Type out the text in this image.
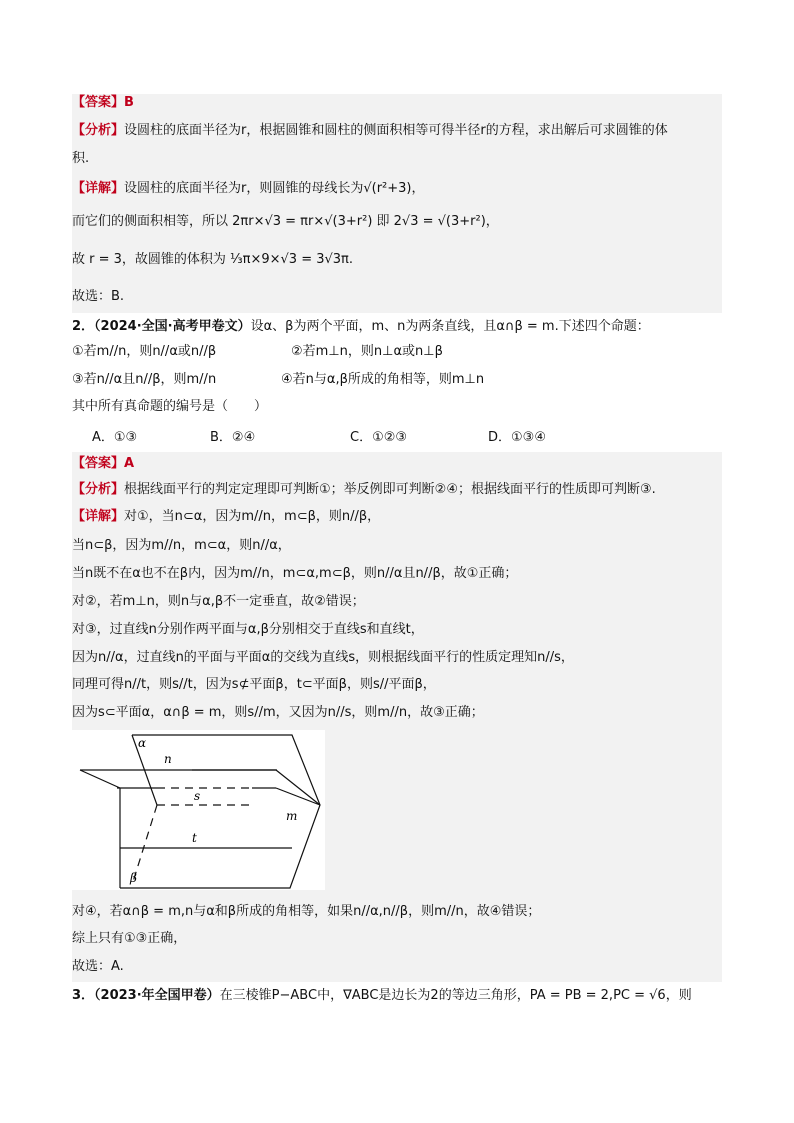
【答案】B
【分析】设圆柱的底面半径为r，根据圆锥和圆柱的侧面积相等可得半径r的方程，求出解后可求圆锥的体
积.
【详解】设圆柱的底面半径为r，则圆锥的母线长为√(r²+3)，
而它们的侧面积相等，所以 2πr×√3 = πr×√(3+r²) 即 2√3 = √(3+r²)，
故 r = 3，故圆锥的体积为 ⅓π×9×√3 = 3√3π.
故选：B.
2．（2024·全国·高考甲卷文）设α、β为两个平面，m、n为两条直线，且α∩β = m.下述四个命题：
①若m//n，则n//α或n//β	②若m⊥n，则n⊥α或n⊥β
③若n//α且n//β，则m//n	④若n与α,β所成的角相等，则m⊥n
其中所有真命题的编号是（　　）
A．①③	B．②④	C．①②③	D．①③④
【答案】A
【分析】根据线面平行的判定定理即可判断①；举反例即可判断②④；根据线面平行的性质即可判断③.
【详解】对①，当n⊂α，因为m//n，m⊂β，则n//β，
当n⊂β，因为m//n，m⊂α，则n//α，
当n既不在α也不在β内，因为m//n，m⊂α,m⊂β，则n//α且n//β，故①正确；
对②，若m⊥n，则n与α,β不一定垂直，故②错误；
对③，过直线n分别作两平面与α,β分别相交于直线s和直线t，
因为n//α，过直线n的平面与平面α的交线为直线s，则根据线面平行的性质定理知n//s，
同理可得n//t，则s//t，因为s⊄平面β，t⊂平面β，则s//平面β，
因为s⊂平面α，α∩β = m，则s//m，又因为n//s，则m//n，故③正确；
α
n
s
m
t
β
对④，若α∩β = m,n与α和β所成的角相等，如果n//α,n//β，则m//n，故④错误；
综上只有①③正确，
故选：A.
3．（2023·年全国甲卷）在三棱锥P−ABC中，∇ABC是边长为2的等边三角形，PA = PB = 2,PC = √6，则
